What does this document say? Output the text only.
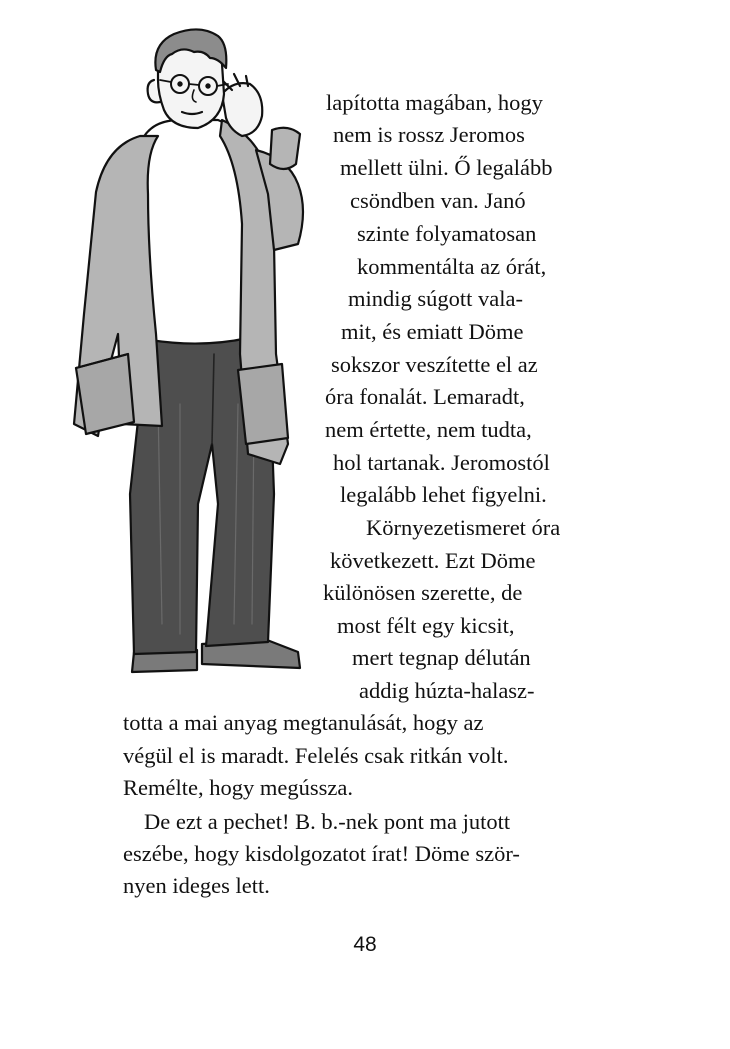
lapította magában, hogy
nem is rossz Jeromos
mellett ülni. Ő legalább
csöndben van. Janó
szinte folyamatosan
kommentálta az órát,
mindig súgott vala-
mit, és emiatt Döme
sokszor veszítette el az
óra fonalát. Lemaradt,
nem értette, nem tudta,
hol tartanak. Jeromostól
legalább lehet figyelni.
Környezetismeret óra
következett. Ezt Döme
különösen szerette, de
most félt egy kicsit,
mert tegnap délután
addig húzta-halasz-
totta a mai anyag megtanulását, hogy az
végül el is maradt. Felelés csak ritkán volt.
Remélte, hogy megússza.
De ezt a pechet! B. b.-nek pont ma jutott
eszébe, hogy kisdolgozatot írat! Döme ször-
nyen ideges lett.
48
